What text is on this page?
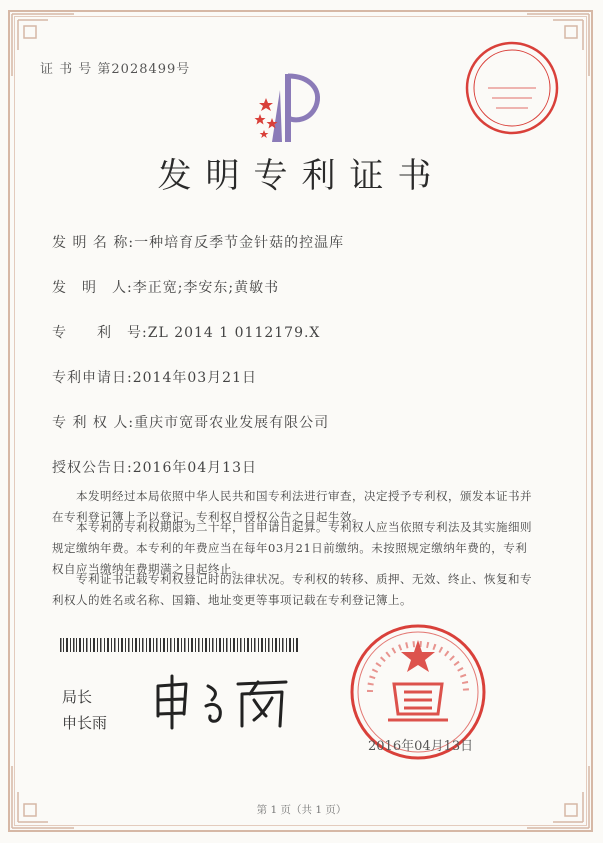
证 书 号 第2028499号
发明专利证书
发 明 名 称:一种培育反季节金针菇的控温库
发　明　人:李正宽;李安东;黄敏书
专　　利　号:ZL 2014 1 0112179.X
专利申请日:2014年03月21日
专 利 权 人:重庆市宽哥农业发展有限公司
授权公告日:2016年04月13日
　　本发明经过本局依照中华人民共和国专利法进行审查，决定授予专利权，颁发本证书并在专利登记簿上予以登记。专利权自授权公告之日起生效。
　　本专利的专利权期限为二十年，自申请日起算。专利权人应当依照专利法及其实施细则规定缴纳年费。本专利的年费应当在每年03月21日前缴纳。未按照规定缴纳年费的，专利权自应当缴纳年费期满之日起终止。
　　专利证书记载专利权登记时的法律状况。专利权的转移、质押、无效、终止、恢复和专利权人的姓名或名称、国籍、地址变更等事项记载在专利登记簿上。
局长
申长雨
2016年04月13日
第 1 页（共 1 页）
